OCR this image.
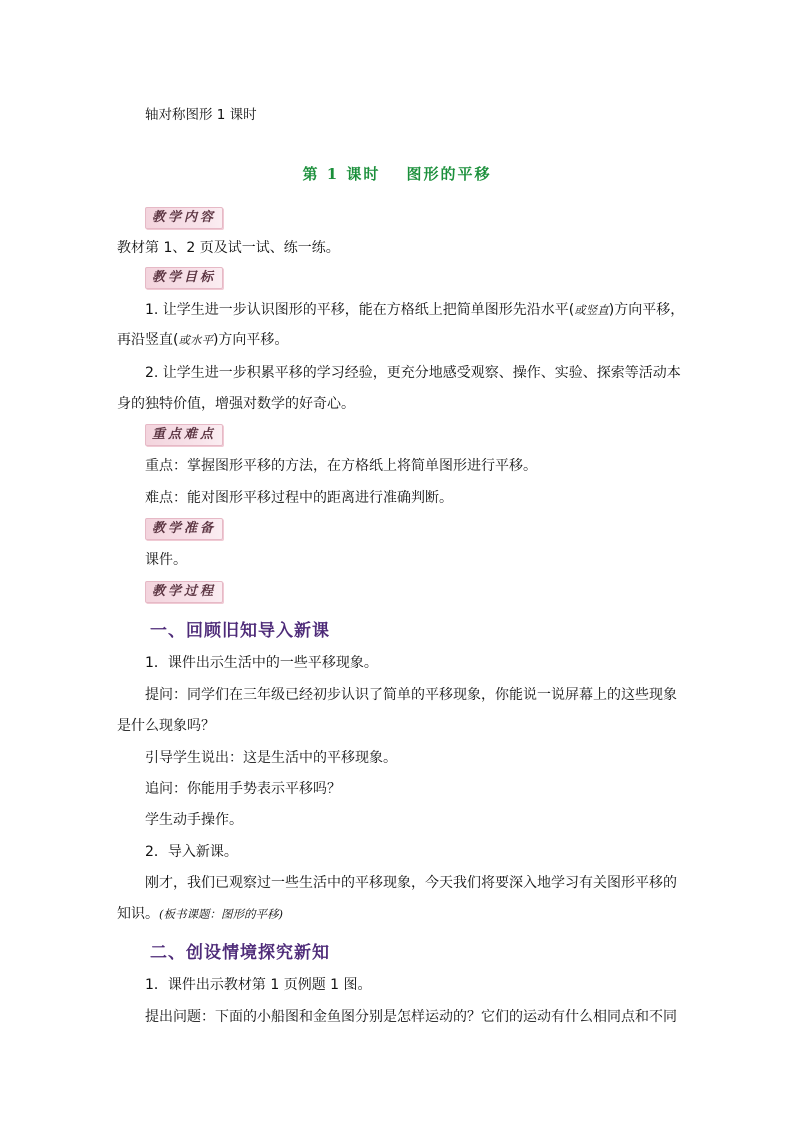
轴对称图形 1 课时
第 1 课时 图形的平移
教学内容
教材第 1、2 页及试一试、练一练。
教学目标
1. 让学生进一步认识图形的平移，能在方格纸上把简单图形先沿水平(或竖直)方向平移，
再沿竖直(或水平)方向平移。
2. 让学生进一步积累平移的学习经验，更充分地感受观察、操作、实验、探索等活动本
身的独特价值，增强对数学的好奇心。
重点难点
重点：掌握图形平移的方法，在方格纸上将简单图形进行平移。
难点：能对图形平移过程中的距离进行准确判断。
教学准备
课件。
教学过程
一、回顾旧知导入新课
1．课件出示生活中的一些平移现象。
提问：同学们在三年级已经初步认识了简单的平移现象，你能说一说屏幕上的这些现象
是什么现象吗？
引导学生说出：这是生活中的平移现象。
追问：你能用手势表示平移吗？
学生动手操作。
2．导入新课。
刚才，我们已观察过一些生活中的平移现象，今天我们将要深入地学习有关图形平移的
知识。(板书课题：图形的平移)
二、创设情境探究新知
1．课件出示教材第 1 页例题 1 图。
提出问题：下面的小船图和金鱼图分别是怎样运动的？它们的运动有什么相同点和不同
